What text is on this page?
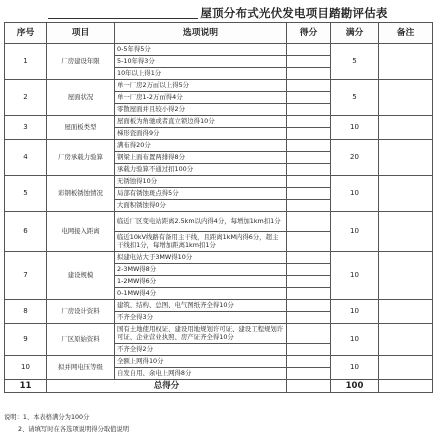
屋顶分布式光伏发电项目踏勘评估表
序号	项目	选项说明	得分	满分	备注
1	厂房建设年限	0-5年得5分		5	
		5-10年得3分			
		10年以上得1分			
2	屋面状况	单一厂房2万㎡以上得5分		5	
		单一厂房1-2万㎡得4分			
		零散屋面并且较小得2分			
3	屋面板类型	屋面板为角驰或者直立锁边得10分		10	
		梯形瓷面得9分			
4	厂房承载力验算	满布得20分		20	
		钢梁上面布置两排得8分			
		承载力验算不通过扣100分			
5	彩钢板锈蚀情况	无锈蚀得10分		10	
		局部有锈蚀斑点得5分			
		大面积锈蚀得0分			
6	电网接入距离	临近厂区变电站距离2.5km以内得4分，每增加1km扣1分		10	
		临近10kV线路有备用主干线，且距离1kM内得6分，超主干线扣1分，每增加距离1km扣1分			
7	建设规模	拟建电站大于3MW得10分		10	
		2-3MW得8分			
		1-2MW得6分			
		0-1MW得4分			
8	厂房设计资料	建筑、结构、总图、电气图纸齐全得10分		10	
		不齐全得3分			
9	厂区原始资料	国有土地使用权证、建设用地规划许可证、建设工程规划许可证、企业营业执照、房产证齐全得10分		10	
		不齐全得2分			
10	拟并网电压等级	全额上网得10分		10	
		自发自用、余电上网得8分			
11	总得分			100	
说明：1、本表格满分为100分
2、请填写时在各选项说明得分取值说明
